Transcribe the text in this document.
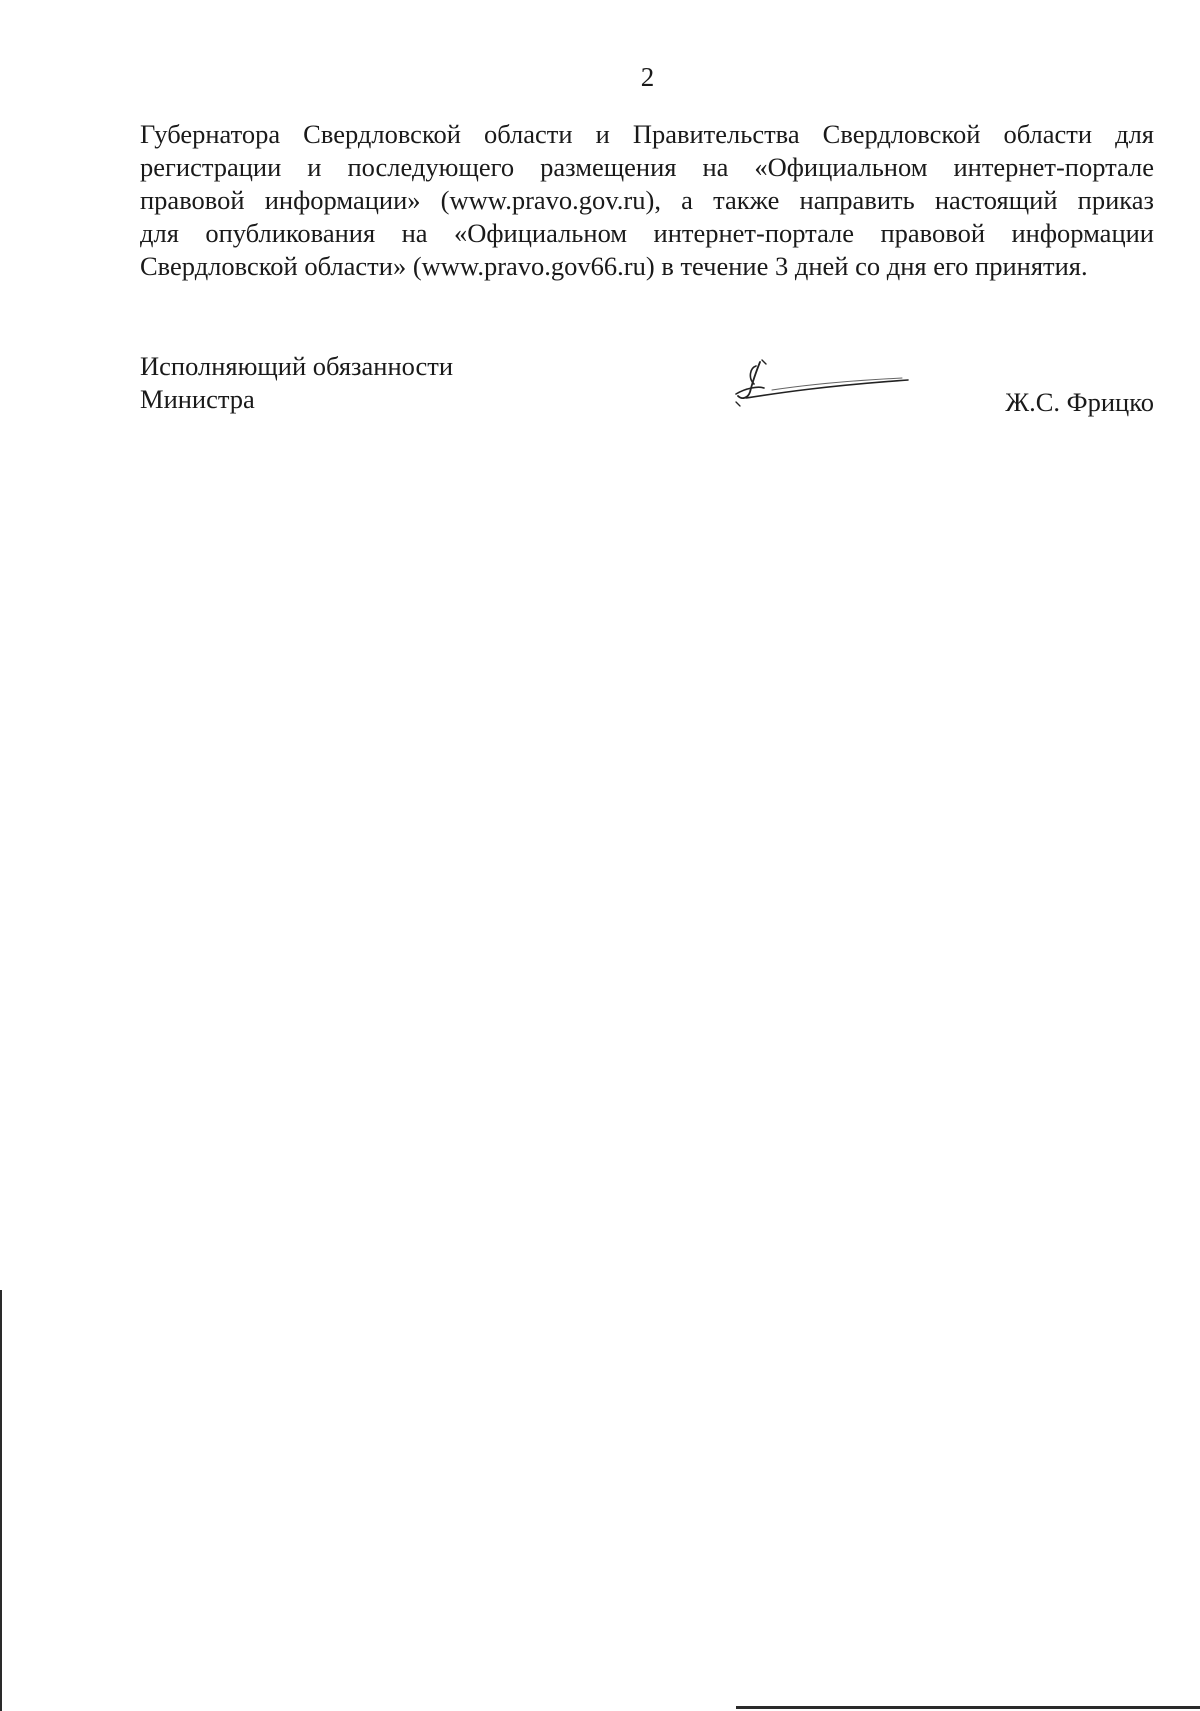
2

Губернатора Свердловской области и Правительства Свердловской области для
регистрации и последующего размещения на «Официальном интернет-портале
правовой информации» (www.pravo.gov.ru), а также направить настоящий приказ
для опубликования на «Официальном интернет-портале правовой информации
Свердловской области» (www.pravo.gov66.ru) в течение 3 дней со дня его принятия.

Исполняющий обязанности
Министра	Ж.С. Фрицко
